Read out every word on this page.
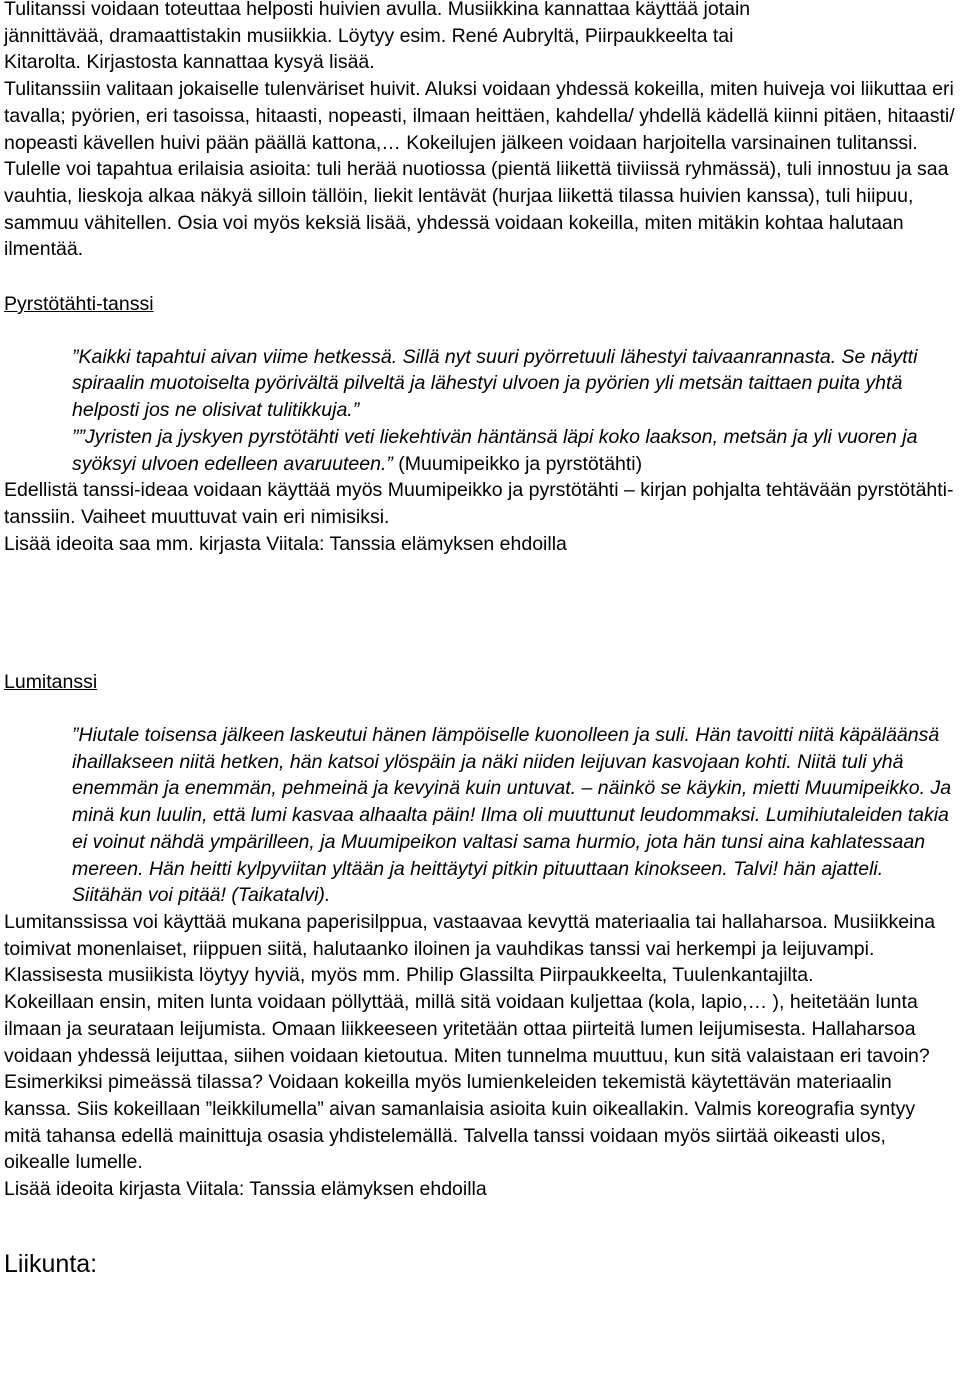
Tulitanssi voidaan toteuttaa helposti huivien avulla. Musiikkina kannattaa käyttää jotain

jännittävää, dramaattistakin musiikkia. Löytyy esim. René Aubryltä, Piirpaukkeelta tai

Kitarolta. Kirjastosta kannattaa kysyä lisää.

Tulitanssiin valitaan jokaiselle tulenväriset huivit. Aluksi voidaan yhdessä kokeilla, miten huiveja voi liikuttaa eri tavalla; pyörien, eri tasoissa, hitaasti, nopeasti, ilmaan heittäen, kahdella/ yhdellä kädellä kiinni pitäen, hitaasti/ nopeasti kävellen huivi pään päällä kattona,… Kokeilujen jälkeen voidaan harjoitella varsinainen tulitanssi. Tulelle voi tapahtua erilaisia asioita: tuli herää nuotiossa (pientä liikettä tiiviissä ryhmässä), tuli innostuu ja saa vauhtia, lieskoja alkaa näkyä silloin tällöin, liekit lentävät (hurjaa liikettä tilassa huivien kanssa), tuli hiipuu, sammuu vähitellen. Osia voi myös keksiä lisää, yhdessä voidaan kokeilla, miten mitäkin kohtaa halutaan ilmentää.

Pyrstötähti-tanssi

”Kaikki tapahtui aivan viime hetkessä. Sillä nyt suuri pyörretuuli lähestyi taivaanrannasta. Se näytti spiraalin muotoiselta pyörivältä pilveltä ja lähestyi ulvoen ja pyörien yli metsän taittaen puita yhtä helposti jos ne olisivat tulitikkuja.”

””Jyristen ja jyskyen pyrstötähti veti liekehtivän häntänsä läpi koko laakson, metsän ja yli vuoren ja syöksyi ulvoen edelleen avaruuteen.” (Muumipeikko ja pyrstötähti)

Edellistä tanssi-ideaa voidaan käyttää myös Muumipeikko ja pyrstötähti – kirjan pohjalta tehtävään pyrstötähti-tanssiin. Vaiheet muuttuvat vain eri nimisiksi.

Lisää ideoita saa mm. kirjasta Viitala: Tanssia elämyksen ehdoilla

Lumitanssi

”Hiutale toisensa jälkeen laskeutui hänen lämpöiselle kuonolleen ja suli. Hän tavoitti niitä käpäläänsä ihaillakseen niitä hetken, hän katsoi ylöspäin ja näki niiden leijuvan kasvojaan kohti. Niitä tuli yhä enemmän ja enemmän, pehmeinä ja kevyinä kuin untuvat. – näinkö se käykin, mietti Muumipeikko. Ja minä kun luulin, että lumi kasvaa alhaalta päin! Ilma oli muuttunut leudommaksi. Lumihiutaleiden takia ei voinut nähdä ympärilleen, ja Muumipeikon valtasi sama hurmio, jota hän tunsi aina kahlatessaan mereen. Hän heitti kylpyviitan yltään ja heittäytyi pitkin pituuttaan kinokseen. Talvi! hän ajatteli. Siitähän voi pitää! (Taikatalvi).

Lumitanssissa voi käyttää mukana paperisilppua, vastaavaa kevyttä materiaalia tai hallaharsoa. Musiikkeina toimivat monenlaiset, riippuen siitä, halutaanko iloinen ja vauhdikas tanssi vai herkempi ja leijuvampi. Klassisesta musiikista löytyy hyviä, myös mm. Philip Glassilta Piirpaukkeelta, Tuulenkantajilta.

Kokeillaan ensin, miten lunta voidaan pöllyttää, millä sitä voidaan kuljettaa (kola, lapio,… ), heitetään lunta ilmaan ja seurataan leijumista. Omaan liikkeeseen yritetään ottaa piirteitä lumen leijumisesta. Hallaharsoa voidaan yhdessä leijuttaa, siihen voidaan kietoutua. Miten tunnelma muuttuu, kun sitä valaistaan eri tavoin? Esimerkiksi pimeässä tilassa? Voidaan kokeilla myös lumienkeleiden tekemistä käytettävän materiaalin kanssa. Siis kokeillaan ”leikkilumella” aivan samanlaisia asioita kuin oikeallakin. Valmis koreografia syntyy mitä tahansa edellä mainittuja osasia yhdistelemällä. Talvella tanssi voidaan myös siirtää oikeasti ulos, oikealle lumelle.

Lisää ideoita kirjasta Viitala: Tanssia elämyksen ehdoilla

Liikunta:
